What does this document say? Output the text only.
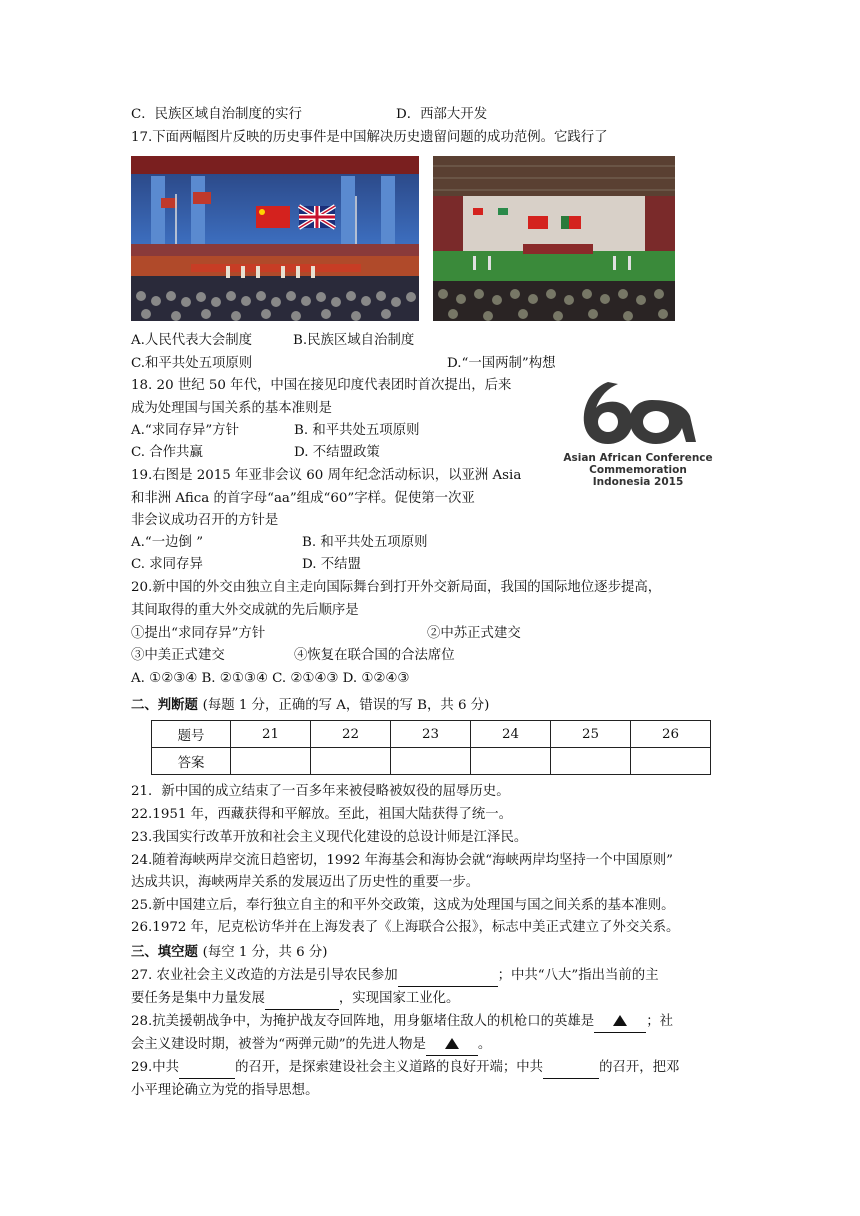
C．民族区域自治制度的实行	D．西部大开发
17.下面两幅图片反映的历史事件是中国解决历史遗留问题的成功范例。它践行了
A.人民代表大会制度	B.民族区域自治制度
C.和平共处五项原则	D.“一国两制”构想
18. 20 世纪 50 年代，中国在接见印度代表团时首次提出，后来
成为处理国与国关系的基本准则是
A.“求同存异”方针	B. 和平共处五项原则
C. 合作共赢	D. 不结盟政策	Asian African Conference
Commemoration
Indonesia 2015
19.右图是 2015 年亚非会议 60 周年纪念活动标识，以亚洲 Asia
和非洲 Afica 的首字母“aa”组成“60”字样。促使第一次亚
非会议成功召开的方针是
A.“一边倒 ”	B. 和平共处五项原则
C. 求同存异	D. 不结盟
20.新中国的外交由独立自主走向国际舞台到打开外交新局面，我国的国际地位逐步提高，
其间取得的重大外交成就的先后顺序是
①提出“求同存异”方针	②中苏正式建交
③中美正式建交	④恢复在联合国的合法席位
A. ①②③④ B. ②①③④ C. ②①④③ D. ①②④③
二、判断题 (每题 1 分，正确的写 A，错误的写 B，共 6 分)
题号	21	22	23	24	25	26
答案						
21．新中国的成立结束了一百多年来被侵略被奴役的屈辱历史。
22.1951 年，西藏获得和平解放。至此，祖国大陆获得了统一。
23.我国实行改革开放和社会主义现代化建设的总设计师是江泽民。
24.随着海峡两岸交流日趋密切，1992 年海基会和海协会就“海峡两岸均坚持一个中国原则”
达成共识，海峡两岸关系的发展迈出了历史性的重要一步。
25.新中国建立后，奉行独立自主的和平外交政策，这成为处理国与国之间关系的基本准则。
26.1972 年，尼克松访华并在上海发表了《上海联合公报》，标志中美正式建立了外交关系。
三、填空题 (每空 1 分，共 6 分)
27. 农业社会主义改造的方法是引导农民参加	；中共“八大”指出当前的主
要任务是集中力量发展	，实现国家工业化。
28.抗美援朝战争中，为掩护战友夺回阵地，用身躯堵住敌人的机枪口的英雄是	；社
会主义建设时期，被誉为“两弹元勋”的先进人物是	。
29.中共	的召开，是探索建设社会主义道路的良好开端；中共	的召开，把邓
小平理论确立为党的指导思想。
